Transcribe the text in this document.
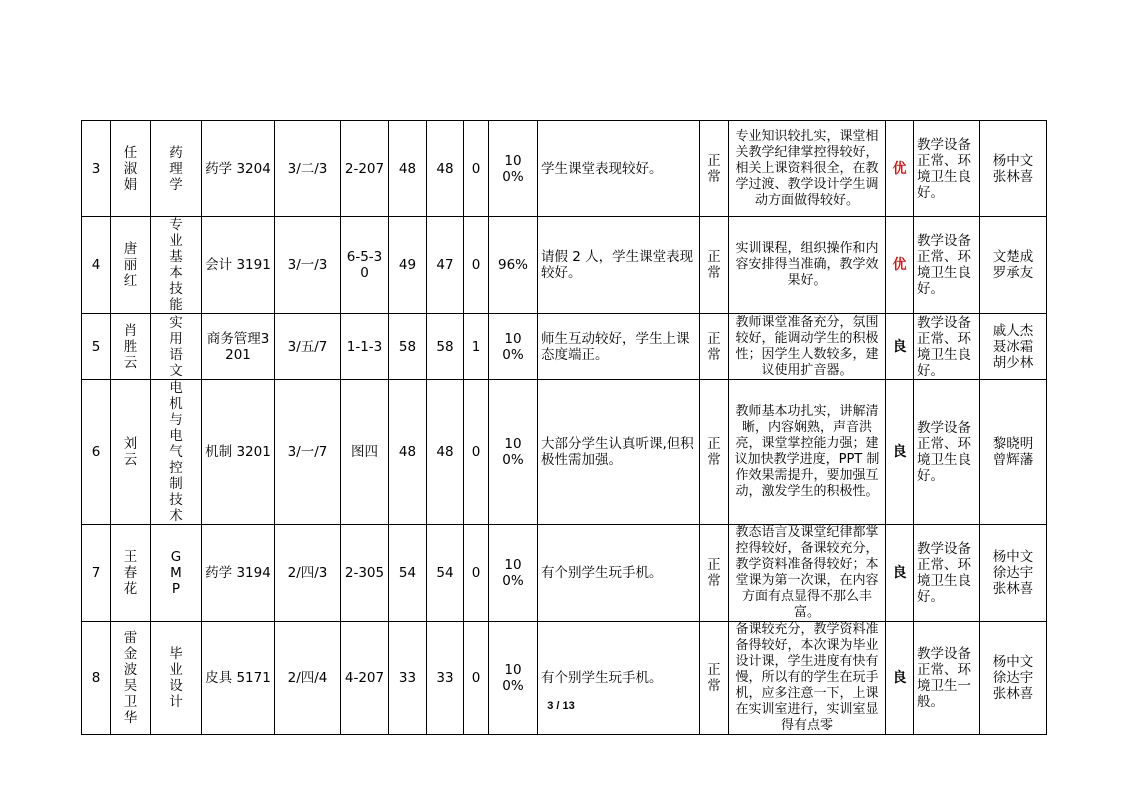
3	任淑娟	药理学	药学 3204	3/二/3	2-207	48	48	0	100%	学生课堂表现较好。	正常	专业知识较扎实，课堂相关教学纪律掌控得较好，相关上课资料很全，在教学过渡、教学设计学生调动方面做得较好。	优	教学设备正常、环境卫生良好。	杨中文张林喜
4	唐丽红	专业基本技能	会计 3191	3/一/3	6-5-30	49	47	0	96%	请假 2 人，学生课堂表现较好。	正常	实训课程，组织操作和内容安排得当准确，教学效果好。	优	教学设备正常、环境卫生良好。	文楚成罗承友
5	肖胜云	实用语文	商务管理3201	3/五/7	1-1-3	58	58	1	100%	师生互动较好，学生上课态度端正。	正常	教师课堂准备充分，氛围较好，能调动学生的积极性；因学生人数较多，建议使用扩音器。	良	教学设备正常、环境卫生良好。	戚人杰聂冰霜胡少林
6	刘云	电机与电气控制技术	机制 3201	3/一/7	图四	48	48	0	100%	大部分学生认真听课,但积极性需加强。	正常	教师基本功扎实，讲解清晰，内容娴熟，声音洪亮，课堂掌控能力强；建议加快教学进度，PPT 制作效果需提升，要加强互动，激发学生的积极性。	良	教学设备正常、环境卫生良好。	黎晓明曾辉藩
7	王春花	GMP	药学 3194	2/四/3	2-305	54	54	0	100%	有个别学生玩手机。	正常	教态语言及课堂纪律都掌控得较好，备课较充分，教学资料准备得较好；本堂课为第一次课，在内容方面有点显得不那么丰富。	良	教学设备正常、环境卫生良好。	杨中文徐达宇张林喜
8	雷金波吴卫华	毕业设计	皮具 5171	2/四/4	4-207	33	33	0	100%	有个别学生玩手机。	正常	备课较充分，教学资料准备得较好，本次课为毕业设计课，学生进度有快有慢，所以有的学生在玩手机，应多注意一下，上课在实训室进行，实训室显得有点零	良	教学设备正常、环境卫生一般。	杨中文徐达宇张林喜
3 / 13
